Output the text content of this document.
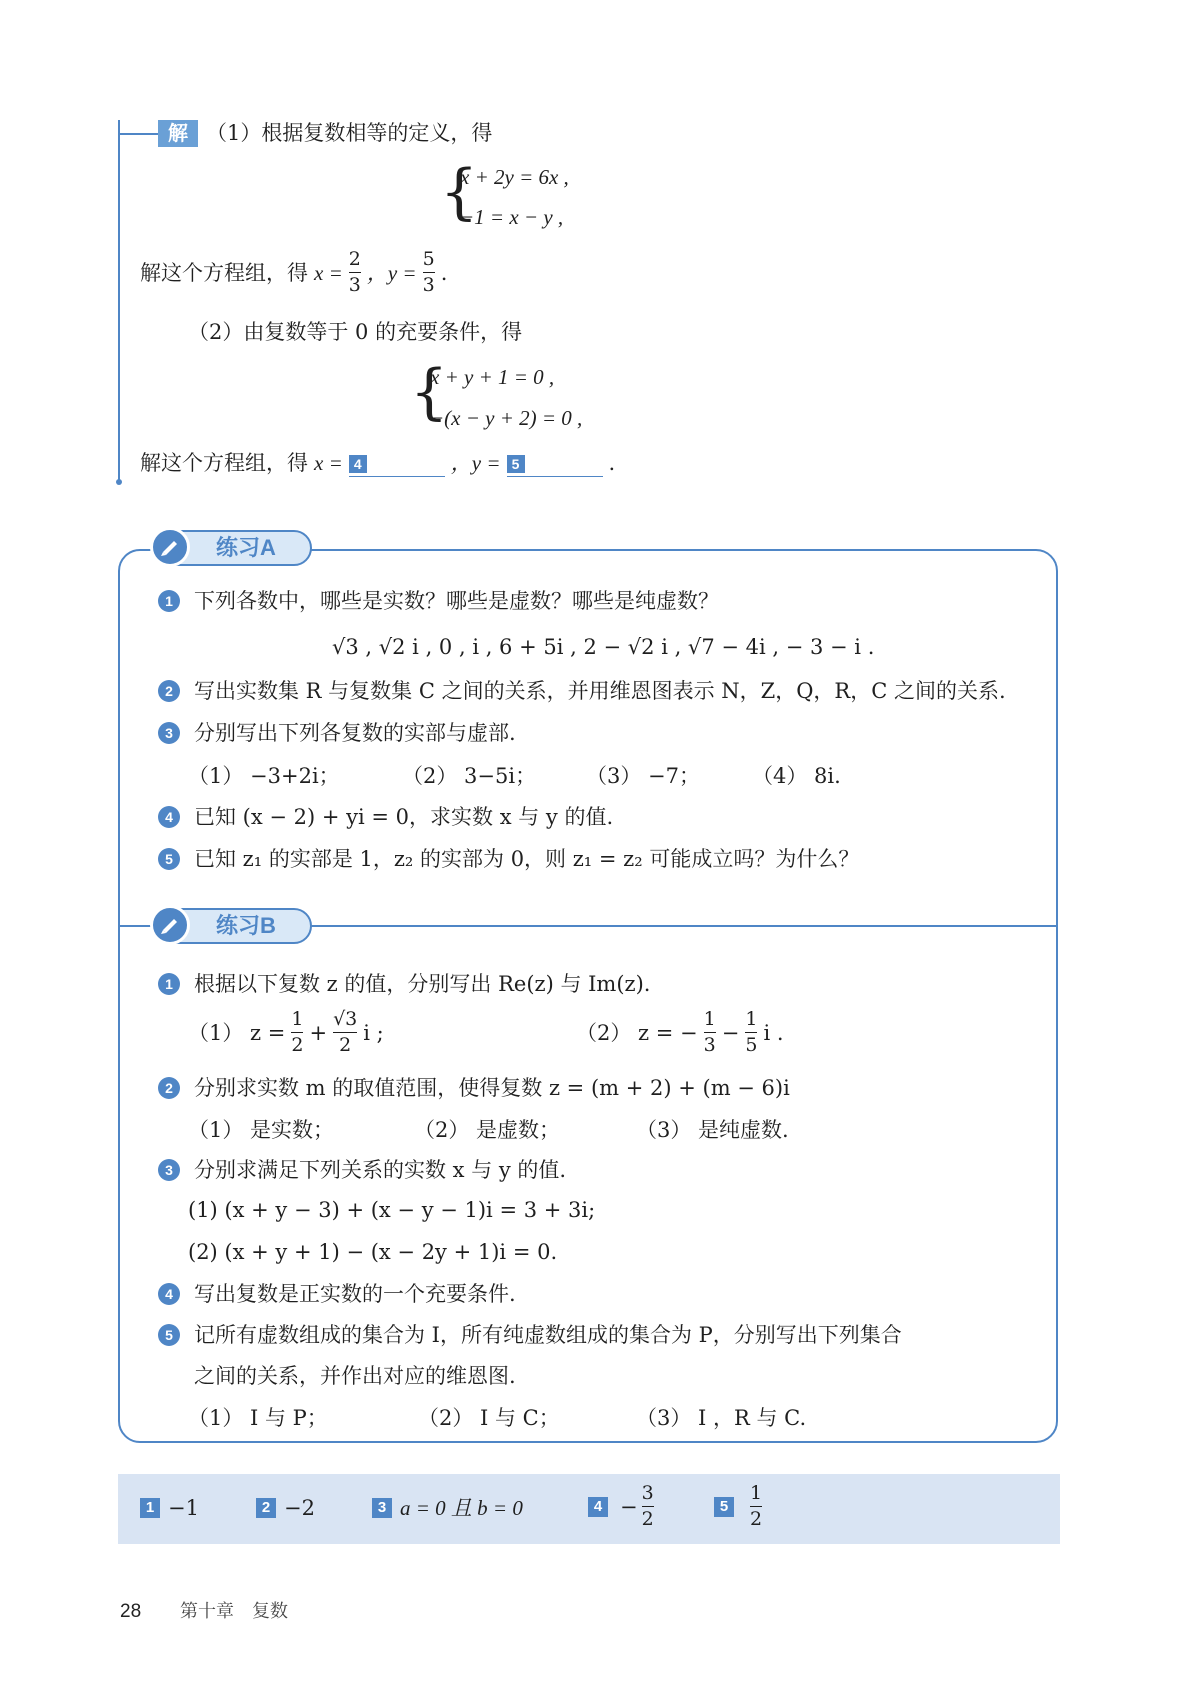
解 （1）根据复数相等的定义，得
{
x + 2y = 6x ,
−1 = x − y ,
解这个方程组，得 $x = \frac{2}{3}$ ，$y = \frac{5}{3}$ .
（2）由复数等于 0 的充要条件，得
{
x + y + 1 = 0 ,
−(x − y + 2) = 0 ,
解这个方程组，得 x = 4	，y = 5	.
练习A
1	下列各数中，哪些是实数？哪些是虚数？哪些是纯虚数？
√3 , √2 i , 0 , i , 6 + 5i , 2 − √2 i , √7 − 4i , − 3 − i .
2	写出实数集 R 与复数集 C 之间的关系，并用维恩图表示 N，Z，Q，R，C 之间的关系.
3	分别写出下列各复数的实部与虚部.
（1） −3+2i；	（2） 3−5i； （3） −7； （4） 8i.
4	已知 (x − 2) + yi = 0，求实数 x 与 y 的值.
5	已知 z₁ 的实部是 1，z₂ 的实部为 0，则 z₁ = z₂ 可能成立吗？为什么？
练习B
1	根据以下复数 z 的值，分别写出 Re(z) 与 Im(z).
（1） $z = \frac{1}{2} + \frac{√3}{2}$ i ;	（2） z = − $\frac{1}{3} - \frac{1}{5}$ i .
2	分别求实数 m 的取值范围，使得复数 z = (m + 2) + (m − 6)i
（1） 是实数；	（2） 是虚数；	（3） 是纯虚数.
3	分别求满足下列关系的实数 x 与 y 的值.
(1) (x + y − 3) + (x − y − 1)i = 3 + 3i;
(2) (x + y + 1) − (x − 2y + 1)i = 0.
4	写出复数是正实数的一个充要条件.
5	记所有虚数组成的集合为 I，所有纯虚数组成的集合为 P，分别写出下列集合
之间的关系，并作出对应的维恩图.
（1） I 与 P；	（2） I 与 C；	（3） I ，R 与 C.
1 −1	2 −2	3 a = 0 且 b = 0	$4 - \frac{3}{2}$	5	$\frac{1}{2}$
28 第十章　复数
